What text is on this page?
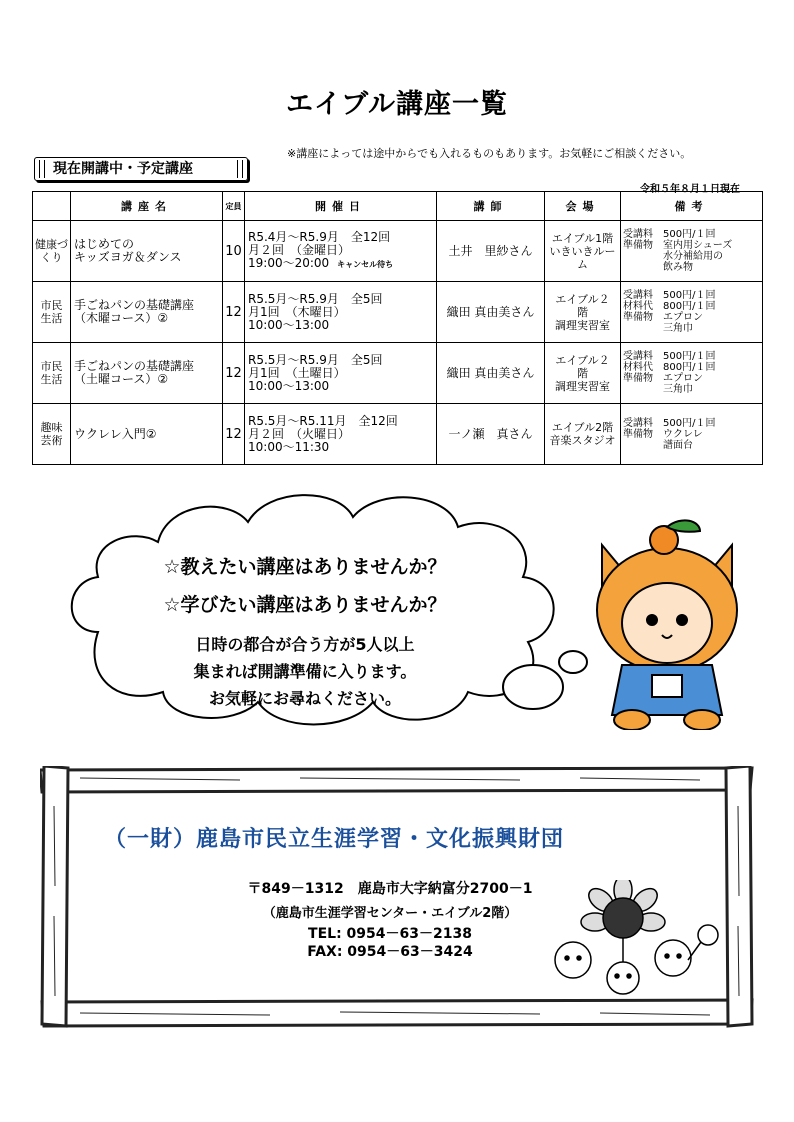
エイブル講座一覧
※講座によっては途中からでも入れるものもあります。お気軽にご相談ください。
現在開講中・予定講座
令和５年８月１日現在
	講座名	定員	開催日	講師	会場	備考
健康づ
くり	はじめての
キッズヨガ＆ダンス	10	R5.4月～R5.9月　全12回
月２回　（金曜日）
19:00～20:00 キャンセル待ち	土井　里紗さん	エイブル1階
いきいきルー
ム	受講料　500円/１回
準備物　室内用シューズ
　　　　水分補給用の
　　　　飲み物
市民
生活	手ごねパンの基礎講座
（木曜コース）②	12	R5.5月～R5.9月　全5回
月1回　（木曜日）
10:00～13:00	織田 真由美さん	エイブル２
階
調理実習室	受講料　500円/１回
材料代　800円/１回
準備物　エプロン
　　　　三角巾
市民
生活	手ごねパンの基礎講座
（土曜コース）②	12	R5.5月～R5.9月　全5回
月1回　（土曜日）
10:00～13:00	織田 真由美さん	エイブル２
階
調理実習室	受講料　500円/１回
材料代　800円/１回
準備物　エプロン
　　　　三角巾
趣味
芸術	ウクレレ入門②	12	R5.5月～R5.11月　全12回
月２回　（火曜日）
10:00～11:30	一ノ瀬　真さん	エイブル2階
音楽スタジオ	受講料　500円/１回
準備物　ウクレレ
　　　　譜面台
☆教えたい講座はありませんか？
☆学びたい講座はありませんか？
日時の都合が合う方が5人以上
集まれば開講準備に入ります。
お気軽にお尋ねください。
（一財）鹿島市民立生涯学習・文化振興財団
〒849－1312　鹿島市大字納富分2700－1
（鹿島市生涯学習センター・エイブル2階）
TEL: 0954－63－2138
FAX: 0954－63－3424
